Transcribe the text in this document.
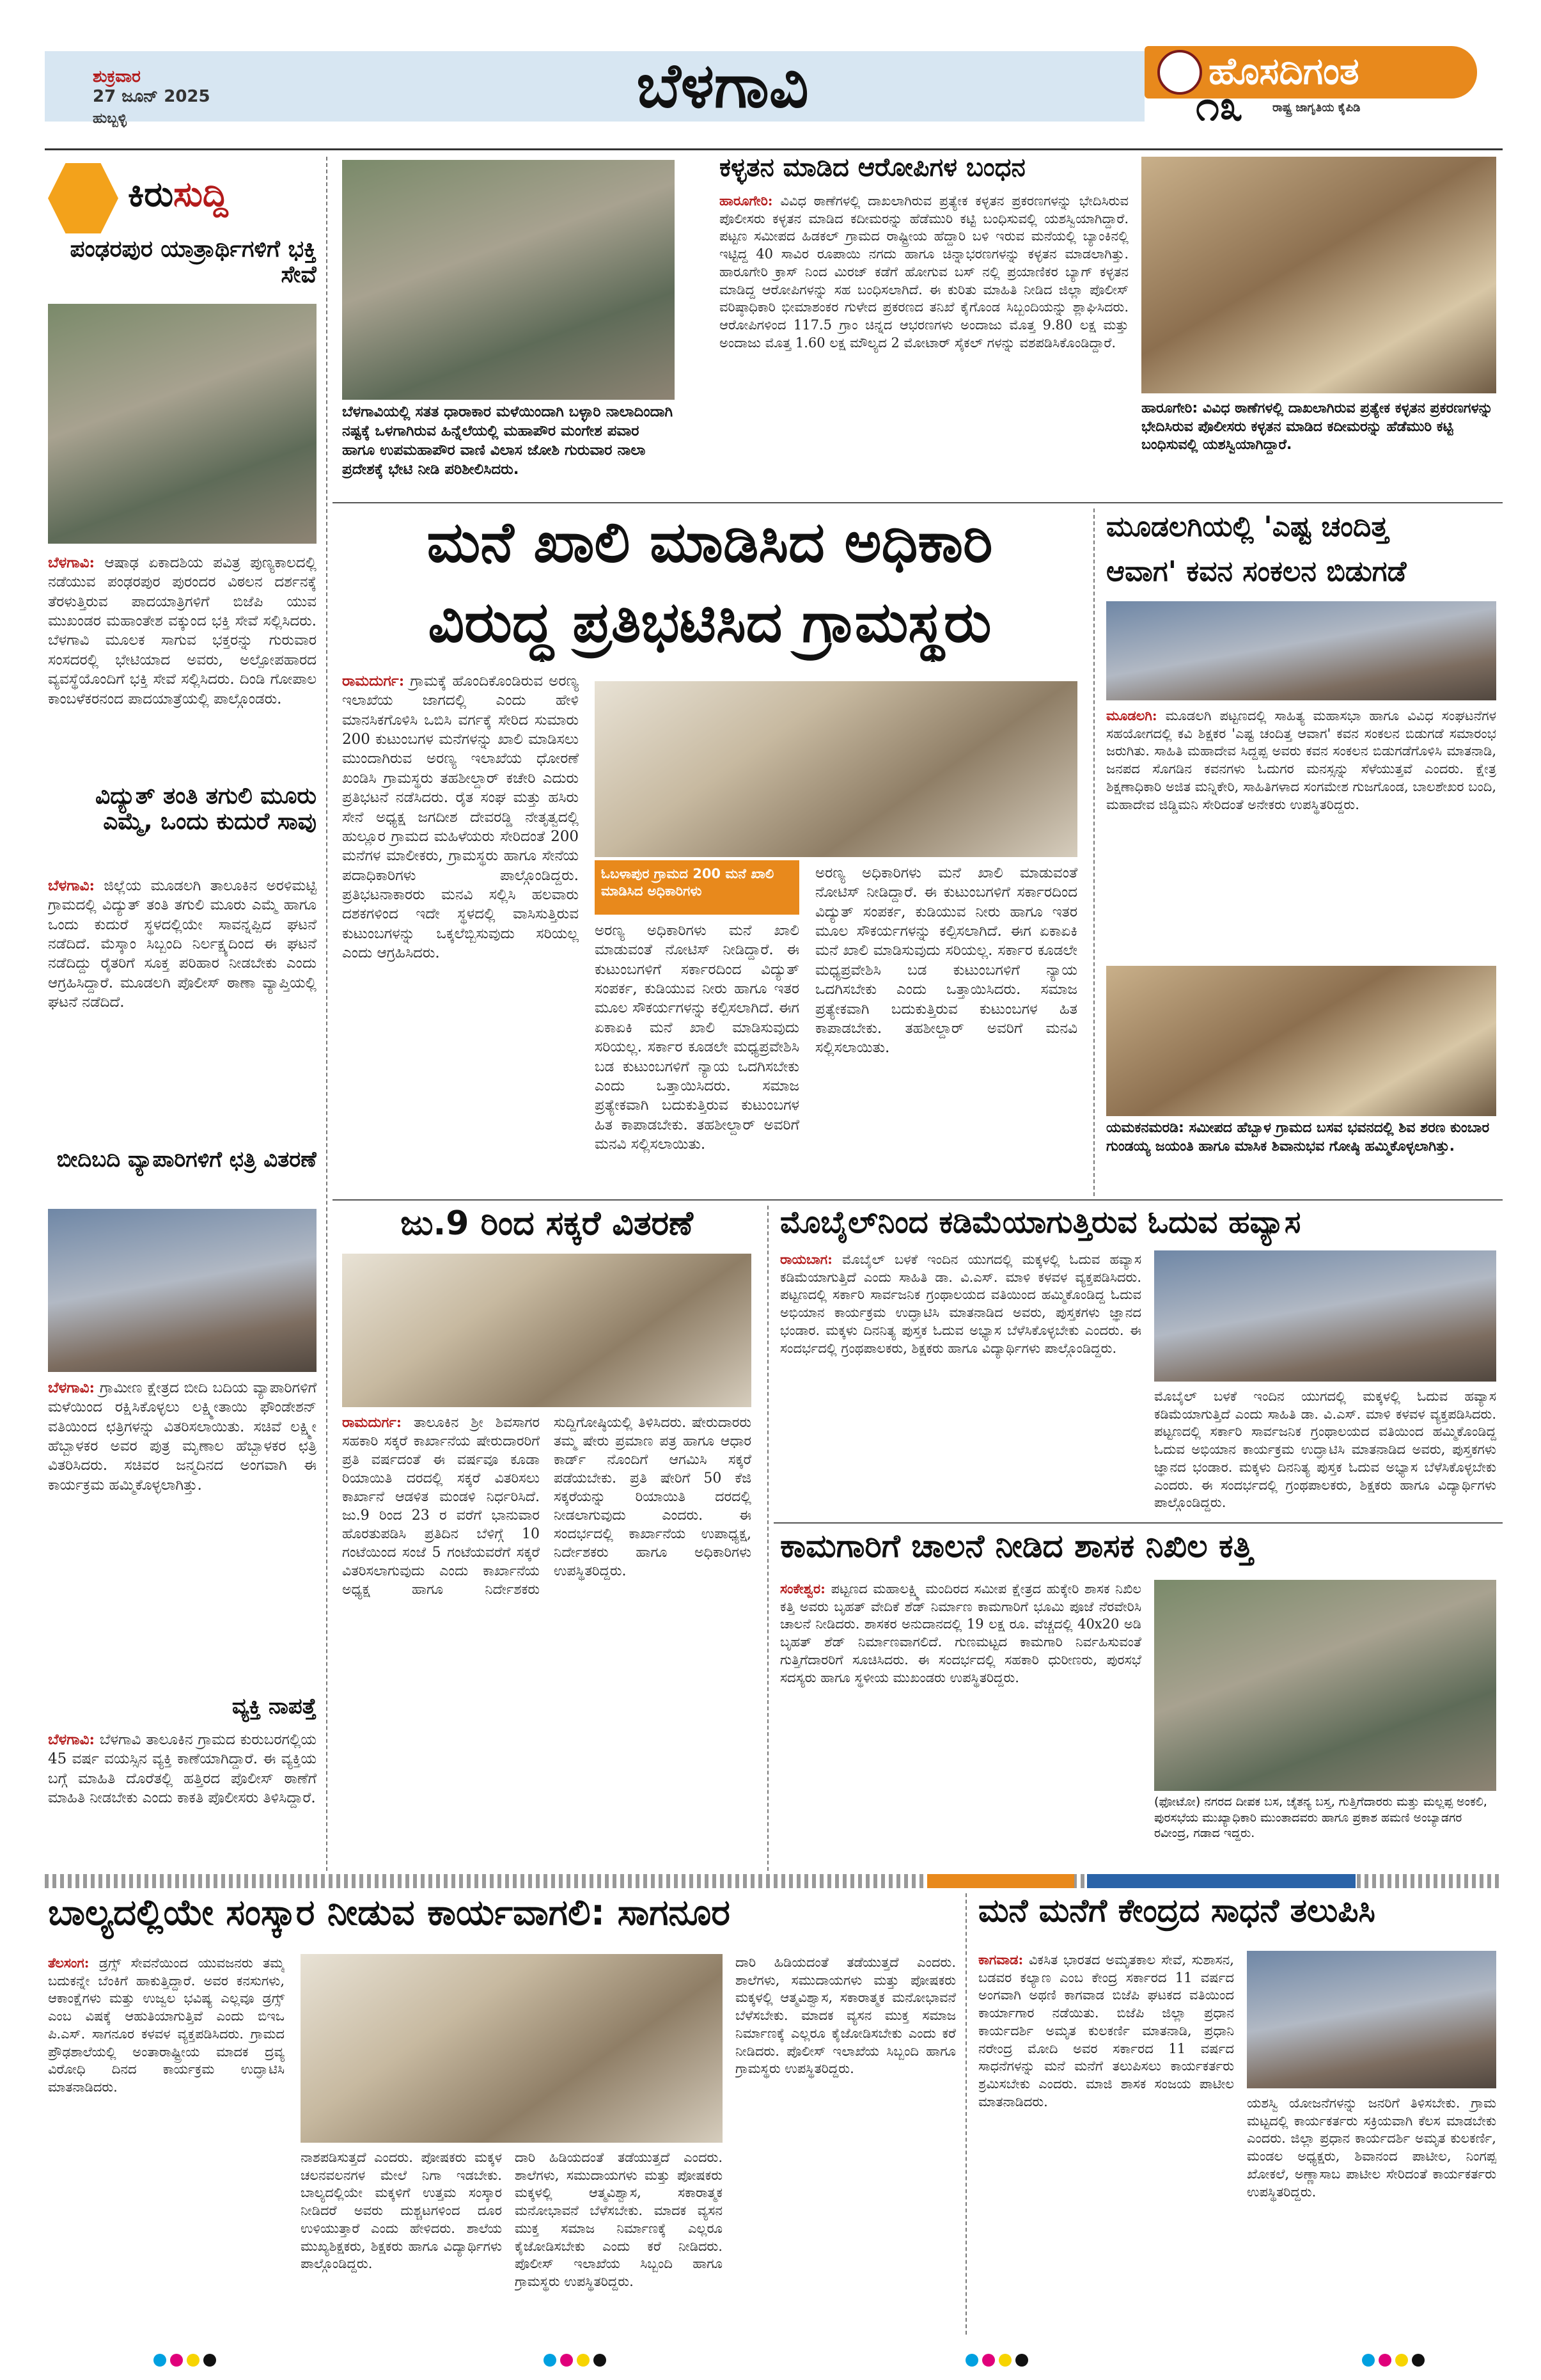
ಶುಕ್ರವಾರ
27 ಜೂನ್ 2025
ಹುಬ್ಬಳ್ಳಿ	ಬೆಳಗಾವಿ	ಹೊಸದಿಗಂತ
ರಾಷ್ಟ್ರ ಜಾಗೃತಿಯ ಕೈಪಿಡಿ
೧೩
ಕಿರುಸುದ್ದಿ
ಪಂಢರಪುರ ಯಾತ್ರಾರ್ಥಿಗಳಿಗೆ ಭಕ್ತಿ ಸೇವೆ
ಬೆಳಗಾವಿ: ಆಷಾಢ ಏಕಾದಶಿಯ ಪವಿತ್ರ ಪುಣ್ಯಕಾಲದಲ್ಲಿ ನಡೆಯುವ ಪಂಢರಪುರ ಪುರಂದರ ವಿಠಲನ ದರ್ಶನಕ್ಕೆ ತೆರಳುತ್ತಿರುವ ಪಾದಯಾತ್ರಿಗಳಿಗೆ ಬಿಜೆಪಿ ಯುವ ಮುಖಂಡರ ಮಹಾಂತೇಶ ವಕ್ಕುಂದ ಭಕ್ತಿ ಸೇವೆ ಸಲ್ಲಿಸಿದರು. ಬೆಳಗಾವಿ ಮೂಲಕ ಸಾಗುವ ಭಕ್ತರನ್ನು ಗುರುವಾರ ಸಂಸದರಲ್ಲಿ ಭೇಟಿಯಾದ ಅವರು, ಅಲ್ಪೋಪಹಾರದ ವ್ಯವಸ್ಥೆಯೊಂದಿಗೆ ಭಕ್ತಿ ಸೇವೆ ಸಲ್ಲಿಸಿದರು. ದಿಂಡಿ ಗೋಪಾಲ ಕಾಂಬಳೆಕರನಂದ ಪಾದಯಾತ್ರೆಯಲ್ಲಿ ಪಾಲ್ಗೊಂಡರು.
ವಿದ್ಯುತ್ ತಂತಿ ತಗುಲಿ ಮೂರು ಎಮ್ಮೆ, ಒಂದು ಕುದುರೆ ಸಾವು
ಬೆಳಗಾವಿ: ಜಿಲ್ಲೆಯ ಮೂಡಲಗಿ ತಾಲೂಕಿನ ಅರಳಿಮಟ್ಟಿ ಗ್ರಾಮದಲ್ಲಿ ವಿದ್ಯುತ್ ತಂತಿ ತಗುಲಿ ಮೂರು ಎಮ್ಮೆ ಹಾಗೂ ಒಂದು ಕುದುರೆ ಸ್ಥಳದಲ್ಲಿಯೇ ಸಾವನ್ನಪ್ಪಿದ ಘಟನೆ ನಡೆದಿದೆ. ಮೆಸ್ಕಾಂ ಸಿಬ್ಬಂದಿ ನಿರ್ಲಕ್ಷ್ಯದಿಂದ ಈ ಘಟನೆ ನಡೆದಿದ್ದು ರೈತರಿಗೆ ಸೂಕ್ತ ಪರಿಹಾರ ನೀಡಬೇಕು ಎಂದು ಆಗ್ರಹಿಸಿದ್ದಾರೆ. ಮೂಡಲಗಿ ಪೊಲೀಸ್ ಠಾಣಾ ವ್ಯಾಪ್ತಿಯಲ್ಲಿ ಘಟನೆ ನಡೆದಿದೆ.
ಬೀದಿಬದಿ ವ್ಯಾಪಾರಿಗಳಿಗೆ ಛತ್ರಿ ವಿತರಣೆ
ಬೆಳಗಾವಿ: ಗ್ರಾಮೀಣ ಕ್ಷೇತ್ರದ ಬೀದಿ ಬದಿಯ ವ್ಯಾಪಾರಿಗಳಿಗೆ ಮಳೆಯಿಂದ ರಕ್ಷಿಸಿಕೊಳ್ಳಲು ಲಕ್ಷ್ಮೀತಾಯಿ ಫೌಂಡೇಶನ್ ವತಿಯಿಂದ ಛತ್ರಿಗಳನ್ನು ವಿತರಿಸಲಾಯಿತು. ಸಚಿವೆ ಲಕ್ಷ್ಮೀ ಹೆಬ್ಬಾಳಕರ ಅವರ ಪುತ್ರ ಮೃಣಾಲ ಹೆಬ್ಬಾಳಕರ ಛತ್ರಿ ವಿತರಿಸಿದರು. ಸಚಿವರ ಜನ್ಮದಿನದ ಅಂಗವಾಗಿ ಈ ಕಾರ್ಯಕ್ರಮ ಹಮ್ಮಿಕೊಳ್ಳಲಾಗಿತ್ತು.
ವ್ಯಕ್ತಿ ನಾಪತ್ತೆ
ಬೆಳಗಾವಿ: ಬೆಳಗಾವಿ ತಾಲೂಕಿನ ಗ್ರಾಮದ ಕುರುಬರಗಲ್ಲಿಯ 45 ವರ್ಷ ವಯಸ್ಸಿನ ವ್ಯಕ್ತಿ ಕಾಣೆಯಾಗಿದ್ದಾರೆ. ಈ ವ್ಯಕ್ತಿಯ ಬಗ್ಗೆ ಮಾಹಿತಿ ದೊರೆತಲ್ಲಿ ಹತ್ತಿರದ ಪೊಲೀಸ್ ಠಾಣೆಗೆ ಮಾಹಿತಿ ನೀಡಬೇಕು ಎಂದು ಕಾಕತಿ ಪೊಲೀಸರು ತಿಳಿಸಿದ್ದಾರೆ.
ಬೆಳಗಾವಿಯಲ್ಲಿ ಸತತ ಧಾರಾಕಾರ ಮಳೆಯಿಂದಾಗಿ ಬಳ್ಳಾರಿ ನಾಲಾದಿಂದಾಗಿ ನಷ್ಟಕ್ಕೆ ಒಳಗಾಗಿರುವ ಹಿನ್ನೆಲೆಯಲ್ಲಿ ಮಹಾಪೌರ ಮಂಗೇಶ ಪವಾರ ಹಾಗೂ ಉಪಮಹಾಪೌರ ವಾಣಿ ವಿಲಾಸ ಜೋಶಿ ಗುರುವಾರ ನಾಲಾ ಪ್ರದೇಶಕ್ಕೆ ಭೇಟಿ ನೀಡಿ ಪರಿಶೀಲಿಸಿದರು.
ಕಳ್ಳತನ ಮಾಡಿದ ಆರೋಪಿಗಳ ಬಂಧನ
ಹಾರೂಗೇರಿ: ವಿವಿಧ ಠಾಣೆಗಳಲ್ಲಿ ದಾಖಲಾಗಿರುವ ಪ್ರತ್ಯೇಕ ಕಳ್ಳತನ ಪ್ರಕರಣಗಳನ್ನು ಭೇದಿಸಿರುವ ಪೊಲೀಸರು ಕಳ್ಳತನ ಮಾಡಿದ ಕದೀಮರನ್ನು ಹೆಡೆಮುರಿ ಕಟ್ಟಿ ಬಂಧಿಸುವಲ್ಲಿ ಯಶಸ್ವಿಯಾಗಿದ್ದಾರೆ. ಪಟ್ಟಣ ಸಮೀಪದ ಹಿಡಕಲ್ ಗ್ರಾಮದ ರಾಷ್ಟ್ರೀಯ ಹೆದ್ದಾರಿ ಬಳಿ ಇರುವ ಮನೆಯಲ್ಲಿ ಬ್ಯಾಂಕಿನಲ್ಲಿ ಇಟ್ಟಿದ್ದ 40 ಸಾವಿರ ರೂಪಾಯಿ ನಗದು ಹಾಗೂ ಚಿನ್ನಾಭರಣಗಳನ್ನು ಕಳ್ಳತನ ಮಾಡಲಾಗಿತ್ತು. ಹಾರೂಗೇರಿ ಕ್ರಾಸ್ ನಿಂದ ಮಿರಜ್ ಕಡೆಗೆ ಹೋಗುವ ಬಸ್ ನಲ್ಲಿ ಪ್ರಯಾಣಿಕರ ಬ್ಯಾಗ್ ಕಳ್ಳತನ ಮಾಡಿದ್ದ ಆರೋಪಿಗಳನ್ನು ಸಹ ಬಂಧಿಸಲಾಗಿದೆ. ಈ ಕುರಿತು ಮಾಹಿತಿ ನೀಡಿದ ಜಿಲ್ಲಾ ಪೊಲೀಸ್ ವರಿಷ್ಠಾಧಿಕಾರಿ ಭೀಮಾಶಂಕರ ಗುಳೇದ ಪ್ರಕರಣದ ತನಿಖೆ ಕೈಗೊಂಡ ಸಿಬ್ಬಂದಿಯನ್ನು ಶ್ಲಾಘಿಸಿದರು. ಆರೋಪಿಗಳಿಂದ 117.5 ಗ್ರಾಂ ಚಿನ್ನದ ಆಭರಣಗಳು ಅಂದಾಜು ಮೊತ್ತ 9.80 ಲಕ್ಷ ಮತ್ತು ಅಂದಾಜು ಮೊತ್ತ 1.60 ಲಕ್ಷ ಮೌಲ್ಯದ 2 ಮೋಟಾರ್ ಸೈಕಲ್ ಗಳನ್ನು ವಶಪಡಿಸಿಕೊಂಡಿದ್ದಾರೆ.
ಹಾರೂಗೇರಿ: ವಿವಿಧ ಠಾಣೆಗಳಲ್ಲಿ ದಾಖಲಾಗಿರುವ ಪ್ರತ್ಯೇಕ ಕಳ್ಳತನ ಪ್ರಕರಣಗಳನ್ನು ಭೇದಿಸಿರುವ ಪೊಲೀಸರು ಕಳ್ಳತನ ಮಾಡಿದ ಕದೀಮರನ್ನು ಹೆಡೆಮುರಿ ಕಟ್ಟಿ ಬಂಧಿಸುವಲ್ಲಿ ಯಶಸ್ವಿಯಾಗಿದ್ದಾರೆ.
ಮನೆ ಖಾಲಿ ಮಾಡಿಸಿದ ಅಧಿಕಾರಿ
ವಿರುದ್ಧ ಪ್ರತಿಭಟಿಸಿದ ಗ್ರಾಮಸ್ಥರು
ರಾಮದುರ್ಗ: ಗ್ರಾಮಕ್ಕೆ ಹೊಂದಿಕೊಂಡಿರುವ ಅರಣ್ಯ ಇಲಾಖೆಯ ಜಾಗದಲ್ಲಿ ಎಂದು ಹೇಳಿ ಮಾನಸಿಕಗೊಳಿಸಿ ಒಬಿಸಿ ವರ್ಗಕ್ಕೆ ಸೇರಿದ ಸುಮಾರು 200 ಕುಟುಂಬಗಳ ಮನೆಗಳನ್ನು ಖಾಲಿ ಮಾಡಿಸಲು ಮುಂದಾಗಿರುವ ಅರಣ್ಯ ಇಲಾಖೆಯ ಧೋರಣೆ ಖಂಡಿಸಿ ಗ್ರಾಮಸ್ಥರು ತಹಶೀಲ್ದಾರ್ ಕಚೇರಿ ಎದುರು ಪ್ರತಿಭಟನೆ ನಡೆಸಿದರು. ರೈತ ಸಂಘ ಮತ್ತು ಹಸಿರು ಸೇನೆ ಅಧ್ಯಕ್ಷ ಜಗದೀಶ ದೇವರಡ್ಡಿ ನೇತೃತ್ವದಲ್ಲಿ ಹುಲ್ಲೂರ ಗ್ರಾಮದ ಮಹಿಳೆಯರು ಸೇರಿದಂತೆ 200 ಮನೆಗಳ ಮಾಲೀಕರು, ಗ್ರಾಮಸ್ಥರು ಹಾಗೂ ಸೇನೆಯ ಪದಾಧಿಕಾರಿಗಳು ಪಾಲ್ಗೊಂಡಿದ್ದರು. ಪ್ರತಿಭಟನಾಕಾರರು ಮನವಿ ಸಲ್ಲಿಸಿ ಹಲವಾರು ದಶಕಗಳಿಂದ ಇದೇ ಸ್ಥಳದಲ್ಲಿ ವಾಸಿಸುತ್ತಿರುವ ಕುಟುಂಬಗಳನ್ನು ಒಕ್ಕಲೆಬ್ಬಿಸುವುದು ಸರಿಯಲ್ಲ ಎಂದು ಆಗ್ರಹಿಸಿದರು.
ಓಬಳಾಪುರ ಗ್ರಾಮದ 200 ಮನೆ ಖಾಲಿ ಮಾಡಿಸಿದ ಅಧಿಕಾರಿಗಳು
ಅರಣ್ಯ ಅಧಿಕಾರಿಗಳು ಮನೆ ಖಾಲಿ ಮಾಡುವಂತೆ ನೋಟಿಸ್ ನೀಡಿದ್ದಾರೆ. ಈ ಕುಟುಂಬಗಳಿಗೆ ಸರ್ಕಾರದಿಂದ ವಿದ್ಯುತ್ ಸಂಪರ್ಕ, ಕುಡಿಯುವ ನೀರು ಹಾಗೂ ಇತರ ಮೂಲ ಸೌಕರ್ಯಗಳನ್ನು ಕಲ್ಪಿಸಲಾಗಿದೆ. ಈಗ ಏಕಾಏಕಿ ಮನೆ ಖಾಲಿ ಮಾಡಿಸುವುದು ಸರಿಯಲ್ಲ. ಸರ್ಕಾರ ಕೂಡಲೇ ಮಧ್ಯಪ್ರವೇಶಿಸಿ ಬಡ ಕುಟುಂಬಗಳಿಗೆ ನ್ಯಾಯ ಒದಗಿಸಬೇಕು ಎಂದು ಒತ್ತಾಯಿಸಿದರು. ಸಮಾಜ ಪ್ರತ್ಯೇಕವಾಗಿ ಬದುಕುತ್ತಿರುವ ಕುಟುಂಬಗಳ ಹಿತ ಕಾಪಾಡಬೇಕು. ತಹಶೀಲ್ದಾರ್ ಅವರಿಗೆ ಮನವಿ ಸಲ್ಲಿಸಲಾಯಿತು.
ಅರಣ್ಯ ಅಧಿಕಾರಿಗಳು ಮನೆ ಖಾಲಿ ಮಾಡುವಂತೆ ನೋಟಿಸ್ ನೀಡಿದ್ದಾರೆ. ಈ ಕುಟುಂಬಗಳಿಗೆ ಸರ್ಕಾರದಿಂದ ವಿದ್ಯುತ್ ಸಂಪರ್ಕ, ಕುಡಿಯುವ ನೀರು ಹಾಗೂ ಇತರ ಮೂಲ ಸೌಕರ್ಯಗಳನ್ನು ಕಲ್ಪಿಸಲಾಗಿದೆ. ಈಗ ಏಕಾಏಕಿ ಮನೆ ಖಾಲಿ ಮಾಡಿಸುವುದು ಸರಿಯಲ್ಲ. ಸರ್ಕಾರ ಕೂಡಲೇ ಮಧ್ಯಪ್ರವೇಶಿಸಿ ಬಡ ಕುಟುಂಬಗಳಿಗೆ ನ್ಯಾಯ ಒದಗಿಸಬೇಕು ಎಂದು ಒತ್ತಾಯಿಸಿದರು. ಸಮಾಜ ಪ್ರತ್ಯೇಕವಾಗಿ ಬದುಕುತ್ತಿರುವ ಕುಟುಂಬಗಳ ಹಿತ ಕಾಪಾಡಬೇಕು. ತಹಶೀಲ್ದಾರ್ ಅವರಿಗೆ ಮನವಿ ಸಲ್ಲಿಸಲಾಯಿತು.
ಮೂಡಲಗಿಯಲ್ಲಿ 'ಎಷ್ಟ ಚಂದಿತ್ತ
ಆವಾಗ' ಕವನ ಸಂಕಲನ ಬಿಡುಗಡೆ
ಮೂಡಲಗಿ: ಮೂಡಲಗಿ ಪಟ್ಟಣದಲ್ಲಿ ಸಾಹಿತ್ಯ ಮಹಾಸಭಾ ಹಾಗೂ ವಿವಿಧ ಸಂಘಟನೆಗಳ ಸಹಯೋಗದಲ್ಲಿ ಕವಿ ಶಿಕ್ಷಕರ 'ಎಷ್ಟ ಚಂದಿತ್ತ ಆವಾಗ' ಕವನ ಸಂಕಲನ ಬಿಡುಗಡೆ ಸಮಾರಂಭ ಜರುಗಿತು. ಸಾಹಿತಿ ಮಹಾದೇವ ಸಿದ್ದಪ್ಪ ಅವರು ಕವನ ಸಂಕಲನ ಬಿಡುಗಡೆಗೊಳಿಸಿ ಮಾತನಾಡಿ, ಜನಪದ ಸೊಗಡಿನ ಕವನಗಳು ಓದುಗರ ಮನಸ್ಸನ್ನು ಸೆಳೆಯುತ್ತವೆ ಎಂದರು. ಕ್ಷೇತ್ರ ಶಿಕ್ಷಣಾಧಿಕಾರಿ ಅಜಿತ ಮನ್ನಿಕೇರಿ, ಸಾಹಿತಿಗಳಾದ ಸಂಗಮೇಶ ಗುಜಗೊಂಡ, ಬಾಲಶೇಖರ ಬಂದಿ, ಮಹಾದೇವ ಜಿಡ್ಡಿಮನಿ ಸೇರಿದಂತೆ ಅನೇಕರು ಉಪಸ್ಥಿತರಿದ್ದರು.
ಯಮಕನಮರಡಿ: ಸಮೀಪದ ಹೆಬ್ಬಾಳ ಗ್ರಾಮದ ಬಸವ ಭವನದಲ್ಲಿ ಶಿವ ಶರಣ ಕುಂಬಾರ ಗುಂಡಯ್ಯ ಜಯಂತಿ ಹಾಗೂ ಮಾಸಿಕ ಶಿವಾನುಭವ ಗೋಷ್ಠಿ ಹಮ್ಮಿಕೊಳ್ಳಲಾಗಿತ್ತು.
ಜು.9 ರಿಂದ ಸಕ್ಕರೆ ವಿತರಣೆ
ರಾಮದುರ್ಗ: ತಾಲೂಕಿನ ಶ್ರೀ ಶಿವಸಾಗರ ಸಹಕಾರಿ ಸಕ್ಕರೆ ಕಾರ್ಖಾನೆಯ ಷೇರುದಾರರಿಗೆ ಪ್ರತಿ ವರ್ಷದಂತೆ ಈ ವರ್ಷವೂ ಕೂಡಾ ರಿಯಾಯಿತಿ ದರದಲ್ಲಿ ಸಕ್ಕರೆ ವಿತರಿಸಲು ಕಾರ್ಖಾನೆ ಆಡಳಿತ ಮಂಡಳಿ ನಿರ್ಧರಿಸಿದೆ. ಜು.9 ರಿಂದ 23 ರ ವರೆಗೆ ಭಾನುವಾರ ಹೊರತುಪಡಿಸಿ ಪ್ರತಿದಿನ ಬೆಳಿಗ್ಗೆ 10 ಗಂಟೆಯಿಂದ ಸಂಜೆ 5 ಗಂಟೆಯವರೆಗೆ ಸಕ್ಕರೆ ವಿತರಿಸಲಾಗುವುದು ಎಂದು ಕಾರ್ಖಾನೆಯ ಅಧ್ಯಕ್ಷ ಹಾಗೂ ನಿರ್ದೇಶಕರು ಸುದ್ದಿಗೋಷ್ಠಿಯಲ್ಲಿ ತಿಳಿಸಿದರು. ಷೇರುದಾರರು ತಮ್ಮ ಷೇರು ಪ್ರಮಾಣ ಪತ್ರ ಹಾಗೂ ಆಧಾರ ಕಾರ್ಡ್ ನೊಂದಿಗೆ ಆಗಮಿಸಿ ಸಕ್ಕರೆ ಪಡೆಯಬೇಕು. ಪ್ರತಿ ಷೇರಿಗೆ 50 ಕೆಜಿ ಸಕ್ಕರೆಯನ್ನು ರಿಯಾಯಿತಿ ದರದಲ್ಲಿ ನೀಡಲಾಗುವುದು ಎಂದರು. ಈ ಸಂದರ್ಭದಲ್ಲಿ ಕಾರ್ಖಾನೆಯ ಉಪಾಧ್ಯಕ್ಷ, ನಿರ್ದೇಶಕರು ಹಾಗೂ ಅಧಿಕಾರಿಗಳು ಉಪಸ್ಥಿತರಿದ್ದರು.
ಮೊಬೈಲ್‌ನಿಂದ ಕಡಿಮೆಯಾಗುತ್ತಿರುವ ಓದುವ ಹವ್ಯಾಸ
ರಾಯಬಾಗ: ಮೊಬೈಲ್ ಬಳಕೆ ಇಂದಿನ ಯುಗದಲ್ಲಿ ಮಕ್ಕಳಲ್ಲಿ ಓದುವ ಹವ್ಯಾಸ ಕಡಿಮೆಯಾಗುತ್ತಿದೆ ಎಂದು ಸಾಹಿತಿ ಡಾ. ವಿ.ಎಸ್. ಮಾಳಿ ಕಳವಳ ವ್ಯಕ್ತಪಡಿಸಿದರು. ಪಟ್ಟಣದಲ್ಲಿ ಸರ್ಕಾರಿ ಸಾರ್ವಜನಿಕ ಗ್ರಂಥಾಲಯದ ವತಿಯಿಂದ ಹಮ್ಮಿಕೊಂಡಿದ್ದ ಓದುವ ಅಭಿಯಾನ ಕಾರ್ಯಕ್ರಮ ಉದ್ಘಾಟಿಸಿ ಮಾತನಾಡಿದ ಅವರು, ಪುಸ್ತಕಗಳು ಜ್ಞಾನದ ಭಂಡಾರ. ಮಕ್ಕಳು ದಿನನಿತ್ಯ ಪುಸ್ತಕ ಓದುವ ಅಭ್ಯಾಸ ಬೆಳೆಸಿಕೊಳ್ಳಬೇಕು ಎಂದರು. ಈ ಸಂದರ್ಭದಲ್ಲಿ ಗ್ರಂಥಪಾಲಕರು, ಶಿಕ್ಷಕರು ಹಾಗೂ ವಿದ್ಯಾರ್ಥಿಗಳು ಪಾಲ್ಗೊಂಡಿದ್ದರು.
ಮೊಬೈಲ್ ಬಳಕೆ ಇಂದಿನ ಯುಗದಲ್ಲಿ ಮಕ್ಕಳಲ್ಲಿ ಓದುವ ಹವ್ಯಾಸ ಕಡಿಮೆಯಾಗುತ್ತಿದೆ ಎಂದು ಸಾಹಿತಿ ಡಾ. ವಿ.ಎಸ್. ಮಾಳಿ ಕಳವಳ ವ್ಯಕ್ತಪಡಿಸಿದರು. ಪಟ್ಟಣದಲ್ಲಿ ಸರ್ಕಾರಿ ಸಾರ್ವಜನಿಕ ಗ್ರಂಥಾಲಯದ ವತಿಯಿಂದ ಹಮ್ಮಿಕೊಂಡಿದ್ದ ಓದುವ ಅಭಿಯಾನ ಕಾರ್ಯಕ್ರಮ ಉದ್ಘಾಟಿಸಿ ಮಾತನಾಡಿದ ಅವರು, ಪುಸ್ತಕಗಳು ಜ್ಞಾನದ ಭಂಡಾರ. ಮಕ್ಕಳು ದಿನನಿತ್ಯ ಪುಸ್ತಕ ಓದುವ ಅಭ್ಯಾಸ ಬೆಳೆಸಿಕೊಳ್ಳಬೇಕು ಎಂದರು. ಈ ಸಂದರ್ಭದಲ್ಲಿ ಗ್ರಂಥಪಾಲಕರು, ಶಿಕ್ಷಕರು ಹಾಗೂ ವಿದ್ಯಾರ್ಥಿಗಳು ಪಾಲ್ಗೊಂಡಿದ್ದರು.
ಕಾಮಗಾರಿಗೆ ಚಾಲನೆ ನೀಡಿದ ಶಾಸಕ ನಿಖಿಲ ಕತ್ತಿ
ಸಂಕೇಶ್ವರ: ಪಟ್ಟಣದ ಮಹಾಲಕ್ಷ್ಮಿ ಮಂದಿರದ ಸಮೀಪ ಕ್ಷೇತ್ರದ ಹುಕ್ಕೇರಿ ಶಾಸಕ ನಿಖಿಲ ಕತ್ತಿ ಅವರು ಬೃಹತ್ ವೇದಿಕೆ ಶೆಡ್ ನಿರ್ಮಾಣ ಕಾಮಗಾರಿಗೆ ಭೂಮಿ ಪೂಜೆ ನೆರವೇರಿಸಿ ಚಾಲನೆ ನೀಡಿದರು. ಶಾಸಕರ ಅನುದಾನದಲ್ಲಿ 19 ಲಕ್ಷ ರೂ. ವೆಚ್ಚದಲ್ಲಿ 40x20 ಅಡಿ ಬೃಹತ್ ಶೆಡ್ ನಿರ್ಮಾಣವಾಗಲಿದೆ. ಗುಣಮಟ್ಟದ ಕಾಮಗಾರಿ ನಿರ್ವಹಿಸುವಂತೆ ಗುತ್ತಿಗೆದಾರರಿಗೆ ಸೂಚಿಸಿದರು. ಈ ಸಂದರ್ಭದಲ್ಲಿ ಸಹಕಾರಿ ಧುರೀಣರು, ಪುರಸಭೆ ಸದಸ್ಯರು ಹಾಗೂ ಸ್ಥಳೀಯ ಮುಖಂಡರು ಉಪಸ್ಥಿತರಿದ್ದರು.
(ಫೋಟೋ) ನಗರದ ದೀಪಕ ಬಸ, ಚೈತನ್ಯ ಬಸ್ತ, ಗುತ್ತಿಗೆದಾರರು ಮತ್ತು ಮಲ್ಲಪ್ಪ ಅಂಕಲಿ, ಪುರಸಭೆಯ ಮುಖ್ಯಾಧಿಕಾರಿ ಮುಂತಾದವರು ಹಾಗೂ ಪ್ರಕಾಶ ಹಮಣಿ ಅಂಬ್ಯಾಡಗರ ರವೀಂದ್ರ, ಗಡಾದ ಇದ್ದರು.
ಬಾಲ್ಯದಲ್ಲಿಯೇ ಸಂಸ್ಕಾರ ನೀಡುವ ಕಾರ್ಯವಾಗಲಿ: ಸಾಗನೂರ
ತೆಲಸಂಗ: ಡ್ರಗ್ಸ್ ಸೇವನೆಯಿಂದ ಯುವಜನರು ತಮ್ಮ ಬದುಕನ್ನೇ ಬೆಂಕಿಗೆ ಹಾಕುತ್ತಿದ್ದಾರೆ. ಅವರ ಕನಸುಗಳು, ಆಕಾಂಕ್ಷೆಗಳು ಮತ್ತು ಉಜ್ವಲ ಭವಿಷ್ಯ ಎಲ್ಲವೂ ಡ್ರಗ್ಸ್ ಎಂಬ ವಿಷಕ್ಕೆ ಆಹುತಿಯಾಗುತ್ತಿವೆ ಎಂದು ಬಿಇಒ ಪಿ.ಎಸ್. ಸಾಗನೂರ ಕಳವಳ ವ್ಯಕ್ತಪಡಿಸಿದರು. ಗ್ರಾಮದ ಪ್ರೌಢಶಾಲೆಯಲ್ಲಿ ಅಂತಾರಾಷ್ಟ್ರೀಯ ಮಾದಕ ದ್ರವ್ಯ ವಿರೋಧಿ ದಿನದ ಕಾರ್ಯಕ್ರಮ ಉದ್ಘಾಟಿಸಿ ಮಾತನಾಡಿದರು.
ನಾಶಪಡಿಸುತ್ತದೆ ಎಂದರು. ಪೋಷಕರು ಮಕ್ಕಳ ಚಲನವಲನಗಳ ಮೇಲೆ ನಿಗಾ ಇಡಬೇಕು. ಬಾಲ್ಯದಲ್ಲಿಯೇ ಮಕ್ಕಳಿಗೆ ಉತ್ತಮ ಸಂಸ್ಕಾರ ನೀಡಿದರೆ ಅವರು ದುಶ್ಚಟಗಳಿಂದ ದೂರ ಉಳಿಯುತ್ತಾರೆ ಎಂದು ಹೇಳಿದರು. ಶಾಲೆಯ ಮುಖ್ಯಶಿಕ್ಷಕರು, ಶಿಕ್ಷಕರು ಹಾಗೂ ವಿದ್ಯಾರ್ಥಿಗಳು ಪಾಲ್ಗೊಂಡಿದ್ದರು.
ದಾರಿ ಹಿಡಿಯದಂತೆ ತಡೆಯುತ್ತದೆ ಎಂದರು. ಶಾಲೆಗಳು, ಸಮುದಾಯಗಳು ಮತ್ತು ಪೋಷಕರು ಮಕ್ಕಳಲ್ಲಿ ಆತ್ಮವಿಶ್ವಾಸ, ಸಕಾರಾತ್ಮಕ ಮನೋಭಾವನೆ ಬೆಳೆಸಬೇಕು. ಮಾದಕ ವ್ಯಸನ ಮುಕ್ತ ಸಮಾಜ ನಿರ್ಮಾಣಕ್ಕೆ ಎಲ್ಲರೂ ಕೈಜೋಡಿಸಬೇಕು ಎಂದು ಕರೆ ನೀಡಿದರು. ಪೊಲೀಸ್ ಇಲಾಖೆಯ ಸಿಬ್ಬಂದಿ ಹಾಗೂ ಗ್ರಾಮಸ್ಥರು ಉಪಸ್ಥಿತರಿದ್ದರು.
ದಾರಿ ಹಿಡಿಯದಂತೆ ತಡೆಯುತ್ತದೆ ಎಂದರು. ಶಾಲೆಗಳು, ಸಮುದಾಯಗಳು ಮತ್ತು ಪೋಷಕರು ಮಕ್ಕಳಲ್ಲಿ ಆತ್ಮವಿಶ್ವಾಸ, ಸಕಾರಾತ್ಮಕ ಮನೋಭಾವನೆ ಬೆಳೆಸಬೇಕು. ಮಾದಕ ವ್ಯಸನ ಮುಕ್ತ ಸಮಾಜ ನಿರ್ಮಾಣಕ್ಕೆ ಎಲ್ಲರೂ ಕೈಜೋಡಿಸಬೇಕು ಎಂದು ಕರೆ ನೀಡಿದರು. ಪೊಲೀಸ್ ಇಲಾಖೆಯ ಸಿಬ್ಬಂದಿ ಹಾಗೂ ಗ್ರಾಮಸ್ಥರು ಉಪಸ್ಥಿತರಿದ್ದರು.
ಮನೆ ಮನೆಗೆ ಕೇಂದ್ರದ ಸಾಧನೆ ತಲುಪಿಸಿ
ಕಾಗವಾಡ: ವಿಕಸಿತ ಭಾರತದ ಅಮೃತಕಾಲ ಸೇವೆ, ಸುಶಾಸನ, ಬಡವರ ಕಲ್ಯಾಣ ಎಂಬ ಕೇಂದ್ರ ಸರ್ಕಾರದ 11 ವರ್ಷದ ಅಂಗವಾಗಿ ಅಥಣಿ ಕಾಗವಾಡ ಬಿಜೆಪಿ ಘಟಕದ ವತಿಯಿಂದ ಕಾರ್ಯಾಗಾರ ನಡೆಯಿತು. ಬಿಜೆಪಿ ಜಿಲ್ಲಾ ಪ್ರಧಾನ ಕಾರ್ಯದರ್ಶಿ ಅಮೃತ ಕುಲಕರ್ಣಿ ಮಾತನಾಡಿ, ಪ್ರಧಾನಿ ನರೇಂದ್ರ ಮೋದಿ ಅವರ ಸರ್ಕಾರದ 11 ವರ್ಷದ ಸಾಧನೆಗಳನ್ನು ಮನೆ ಮನೆಗೆ ತಲುಪಿಸಲು ಕಾರ್ಯಕರ್ತರು ಶ್ರಮಿಸಬೇಕು ಎಂದರು. ಮಾಜಿ ಶಾಸಕ ಸಂಜಯ ಪಾಟೀಲ ಮಾತನಾಡಿದರು.	ಯಶಸ್ವಿ ಯೋಜನೆಗಳನ್ನು ಜನರಿಗೆ ತಿಳಿಸಬೇಕು. ಗ್ರಾಮ ಮಟ್ಟದಲ್ಲಿ ಕಾರ್ಯಕರ್ತರು ಸಕ್ರಿಯವಾಗಿ ಕೆಲಸ ಮಾಡಬೇಕು ಎಂದರು. ಜಿಲ್ಲಾ ಪ್ರಧಾನ ಕಾರ್ಯದರ್ಶಿ ಅಮೃತ ಕುಲಕರ್ಣಿ, ಮಂಡಲ ಅಧ್ಯಕ್ಷರು, ಶಿವಾನಂದ ಪಾಟೀಲ, ನಿಂಗಪ್ಪ ಖೋಕಲೆ, ಅಣ್ಣಾಸಾಬ ಪಾಟೀಲ ಸೇರಿದಂತೆ ಕಾರ್ಯಕರ್ತರು ಉಪಸ್ಥಿತರಿದ್ದರು.
